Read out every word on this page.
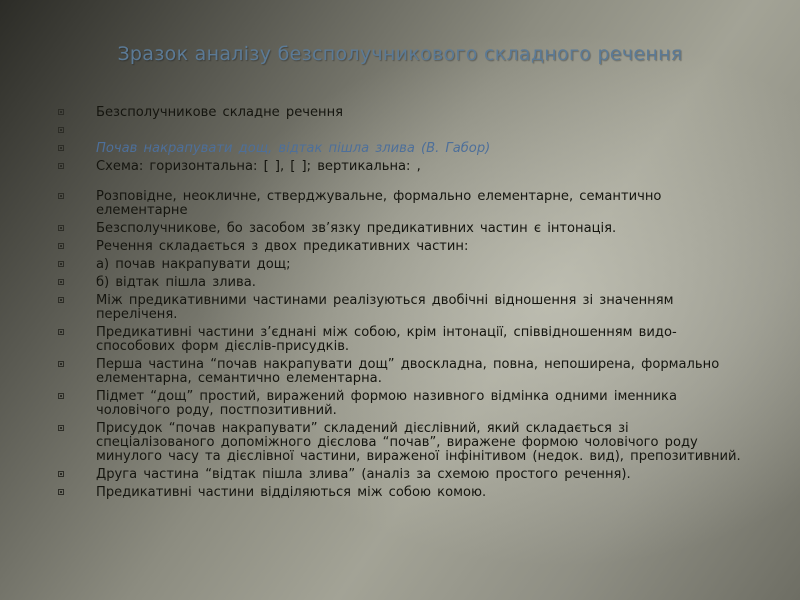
Зразок аналізу безсполучникового складного речення
Безсполучникове складне речення
Почав накрапувати дощ, відтак пішла злива (В. Габор)
Схема: горизонтальна: [ ], [ ]; вертикальна: ,
Розповідне, неокличне, стверджувальне, формально елементарне, семантично елементарне
Безсполучникове, бо засобом зв’язку предикативних частин є інтонація.
Речення складається з двох предикативних частин:
а) почав накрапувати дощ;
б) відтак пішла злива.
Між предикативними частинами реалізуються двобічні відношення зі значенням переліченя.
Предикативні частини з’єднані між собою, крім інтонації, співвідношенням видо-способових форм дієслів-присудків.
Перша частина “почав накрапувати дощ” двоскладна, повна, непоширена, формально елементарна, семантично елементарна.
Підмет “дощ” простий, виражений формою називного відмінка одними іменника чоловічого роду, постпозитивний.
Присудок “почав накрапувати” складений дієслівний, який складається зі спеціалізованого допоміжного дієслова “почав”, виражене формою чоловічого роду минулого часу та дієслівної частини, вираженої інфінітивом (недок. вид), препозитивний.
Друга частина “відтак пішла злива” (аналіз за схемою простого речення).
Предикативні частини відділяються між собою комою.
